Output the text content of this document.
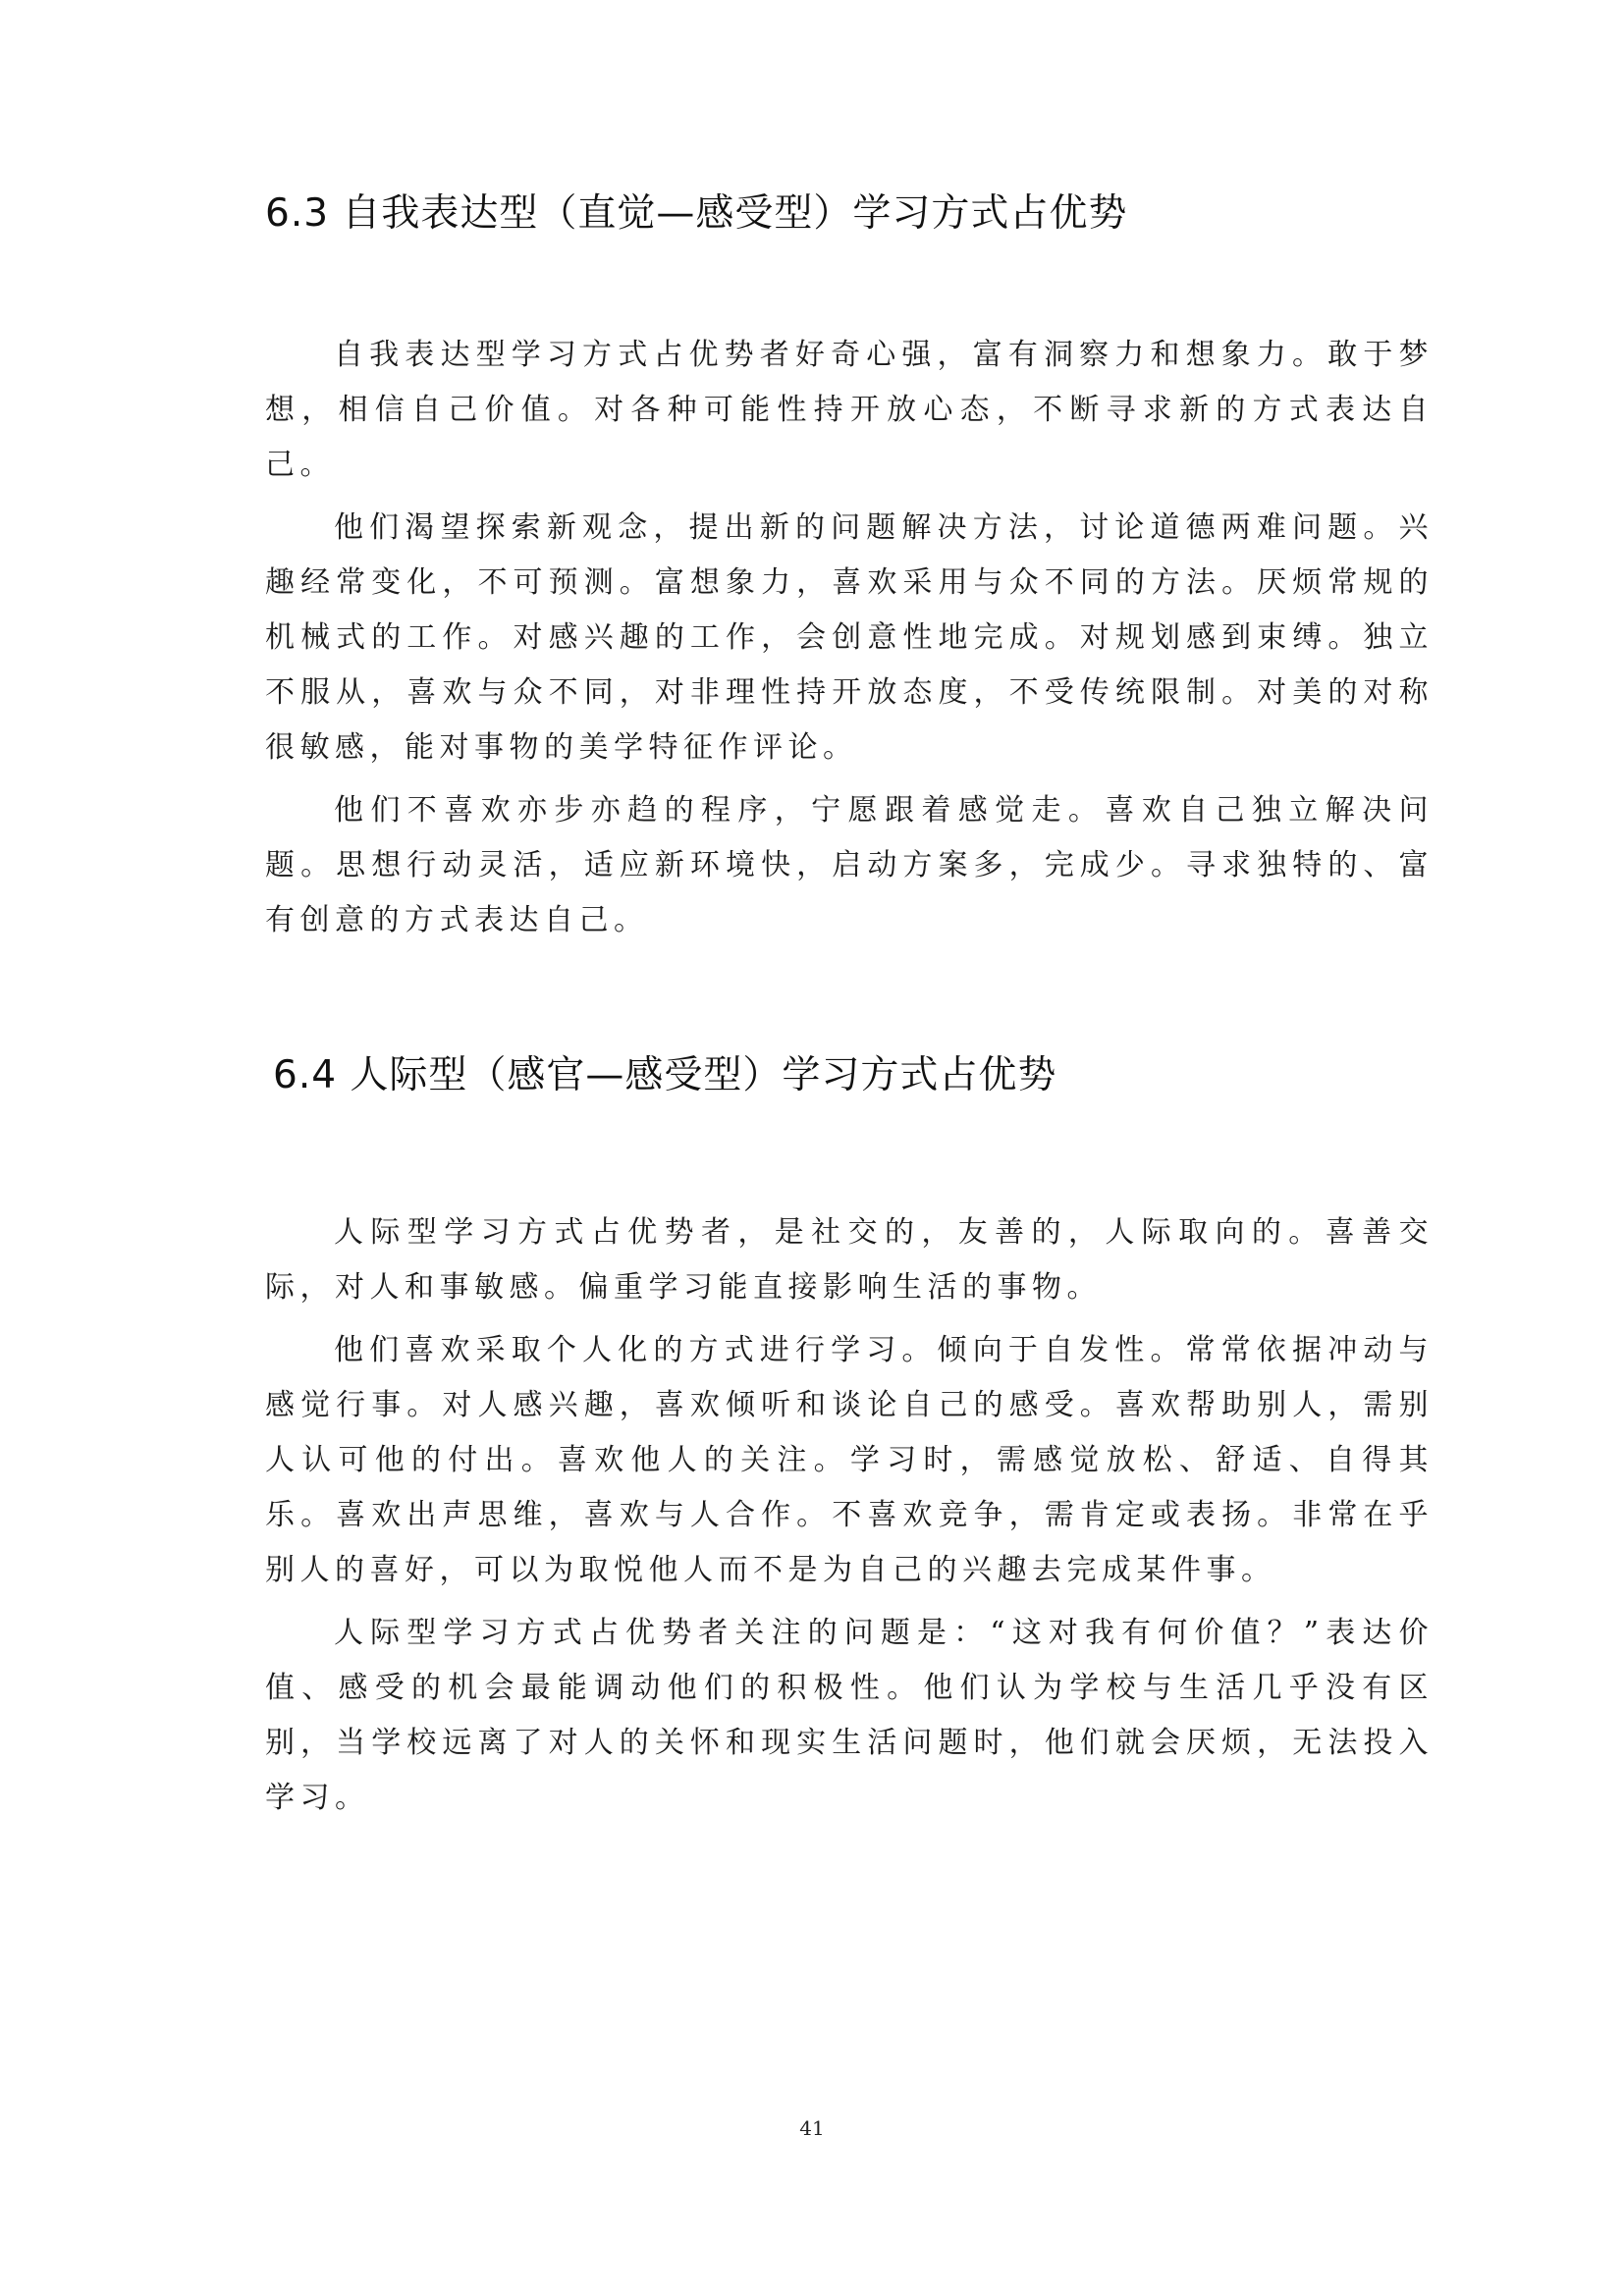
6.3 自我表达型（直觉—感受型）学习方式占优势

自我表达型学习方式占优势者好奇心强，富有洞察力和想象力。敢于梦想，相信自己价值。对各种可能性持开放心态，不断寻求新的方式表达自己。

他们渴望探索新观念，提出新的问题解决方法，讨论道德两难问题。兴趣经常变化，不可预测。富想象力，喜欢采用与众不同的方法。厌烦常规的机械式的工作。对感兴趣的工作，会创意性地完成。对规划感到束缚。独立不服从，喜欢与众不同，对非理性持开放态度，不受传统限制。对美的对称很敏感，能对事物的美学特征作评论。

他们不喜欢亦步亦趋的程序，宁愿跟着感觉走。喜欢自己独立解决问题。思想行动灵活，适应新环境快，启动方案多，完成少。寻求独特的、富有创意的方式表达自己。

6.4 人际型（感官—感受型）学习方式占优势

人际型学习方式占优势者，是社交的，友善的，人际取向的。喜善交际，对人和事敏感。偏重学习能直接影响生活的事物。

他们喜欢采取个人化的方式进行学习。倾向于自发性。常常依据冲动与感觉行事。对人感兴趣，喜欢倾听和谈论自己的感受。喜欢帮助别人，需别人认可他的付出。喜欢他人的关注。学习时，需感觉放松、舒适、自得其乐。喜欢出声思维，喜欢与人合作。不喜欢竞争，需肯定或表扬。非常在乎别人的喜好，可以为取悦他人而不是为自己的兴趣去完成某件事。

人际型学习方式占优势者关注的问题是：“这对我有何价值？”表达价值、感受的机会最能调动他们的积极性。他们认为学校与生活几乎没有区别，当学校远离了对人的关怀和现实生活问题时，他们就会厌烦，无法投入学习。

41
